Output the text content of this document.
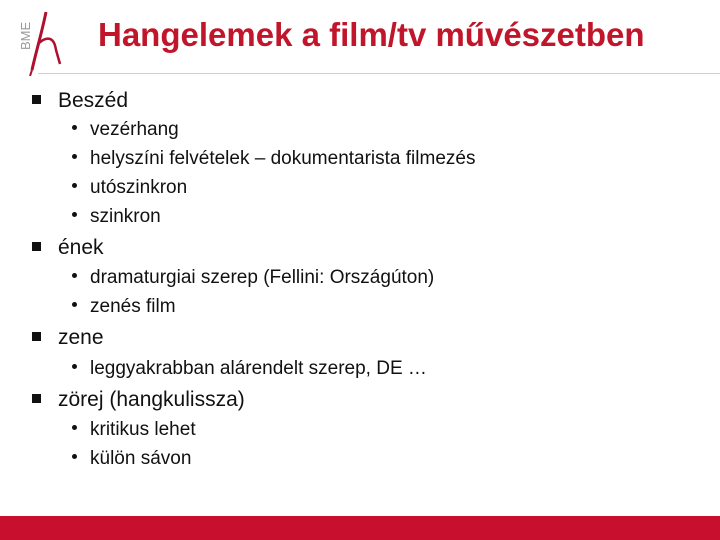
BME Hangelemek a film/tv művészetben
Beszéd
vezérhang
helyszíni felvételek – dokumentarista filmezés
utószinkron
szinkron
ének
dramaturgiai szerep (Fellini: Országúton)
zenés film
zene
leggyakrabban alárendelt szerep, DE …
zörej (hangkulissza)
kritikus lehet
külön sávon
